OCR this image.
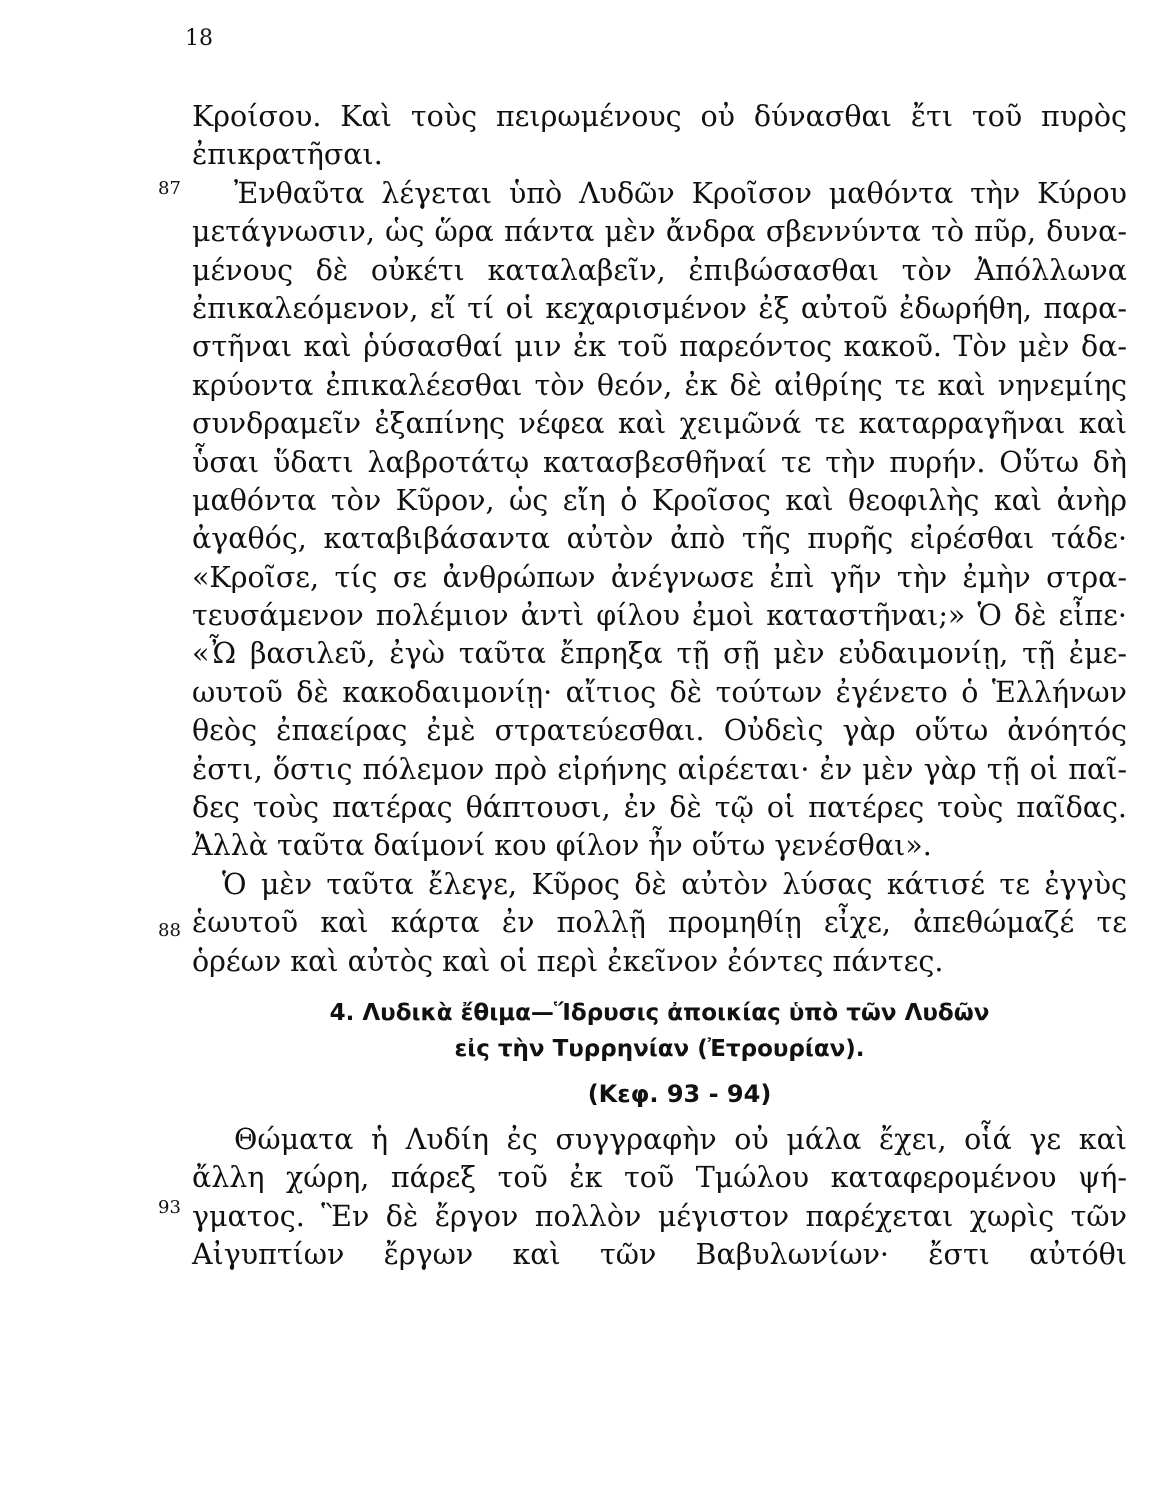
18
87
88
93
Κροίσου. Καὶ τοὺς πειρωμένους οὐ δύνασθαι ἔτι τοῦ πυρὸς
ἐπικρατῆσαι.
Ἐνθαῦτα λέγεται ὑπὸ Λυδῶν Κροῖσον μαθόντα τὴν Κύρου
μετάγνωσιν, ὡς ὥρα πάντα μὲν ἄνδρα σβεννύντα τὸ πῦρ, δυνα-
μένους δὲ οὐκέτι καταλαβεῖν, ἐπιβώσασθαι τὸν Ἀπόλλωνα
ἐπικαλεόμενον, εἴ τί οἱ κεχαρισμένον ἐξ αὐτοῦ ἐδωρήθη, παρα-
στῆναι καὶ ῥύσασθαί μιν ἐκ τοῦ παρεόντος κακοῦ. Τὸν μὲν δα-
κρύοντα ἐπικαλέεσθαι τὸν θεόν, ἐκ δὲ αἰθρίης τε καὶ νηνεμίης
συνδραμεῖν ἐξαπίνης νέφεα καὶ χειμῶνά τε καταρραγῆναι καὶ
ὗσαι ὕδατι λαβροτάτῳ κατασβεσθῆναί τε τὴν πυρήν. Οὕτω δὴ
μαθόντα τὸν Κῦρον, ὡς εἴη ὁ Κροῖσος καὶ θεοφιλὴς καὶ ἀνὴρ
ἀγαθός, καταβιβάσαντα αὐτὸν ἀπὸ τῆς πυρῆς εἰρέσθαι τάδε·
«Κροῖσε, τίς σε ἀνθρώπων ἀνέγνωσε ἐπὶ γῆν τὴν ἐμὴν στρα-
τευσάμενον πολέμιον ἀντὶ φίλου ἐμοὶ καταστῆναι;» Ὁ δὲ εἶπε·
«Ὦ βασιλεῦ, ἐγὼ ταῦτα ἔπρηξα τῇ σῇ μὲν εὐδαιμονίῃ, τῇ ἐμε-
ωυτοῦ δὲ κακοδαιμονίῃ· αἴτιος δὲ τούτων ἐγένετο ὁ Ἑλλήνων
θεὸς ἐπαείρας ἐμὲ στρατεύεσθαι. Οὐδεὶς γὰρ οὕτω ἀνόητός
ἐστι, ὅστις πόλεμον πρὸ εἰρήνης αἱρέεται· ἐν μὲν γὰρ τῇ οἱ παῖ-
δες τοὺς πατέρας θάπτουσι, ἐν δὲ τῷ οἱ πατέρες τοὺς παῖδας.
Ἀλλὰ ταῦτα δαίμονί κου φίλον ἦν οὕτω γενέσθαι».
Ὁ μὲν ταῦτα ἔλεγε, Κῦρος δὲ αὐτὸν λύσας κάτισέ τε ἐγγὺς
ἑωυτοῦ καὶ κάρτα ἐν πολλῇ προμηθίῃ εἶχε, ἀπεθώμαζέ τε
ὁρέων καὶ αὐτὸς καὶ οἱ περὶ ἐκεῖνον ἐόντες πάντες.
4. Λυδικὰ ἔθιμα—Ἵδρυσις ἀποικίας ὑπὸ τῶν Λυδῶν
εἰς τὴν Τυρρηνίαν (Ἐτρουρίαν).
(Κεφ. 93 - 94)
Θώματα ἡ Λυδίη ἐς συγγραφὴν οὐ μάλα ἔχει, οἷά γε καὶ
ἄλλη χώρη, πάρεξ τοῦ ἐκ τοῦ Τμώλου καταφερομένου ψή-
γματος. Ἓν δὲ ἔργον πολλὸν μέγιστον παρέχεται χωρὶς τῶν
Αἰγυπτίων ἔργων καὶ τῶν Βαβυλωνίων· ἔστι αὐτόθι
